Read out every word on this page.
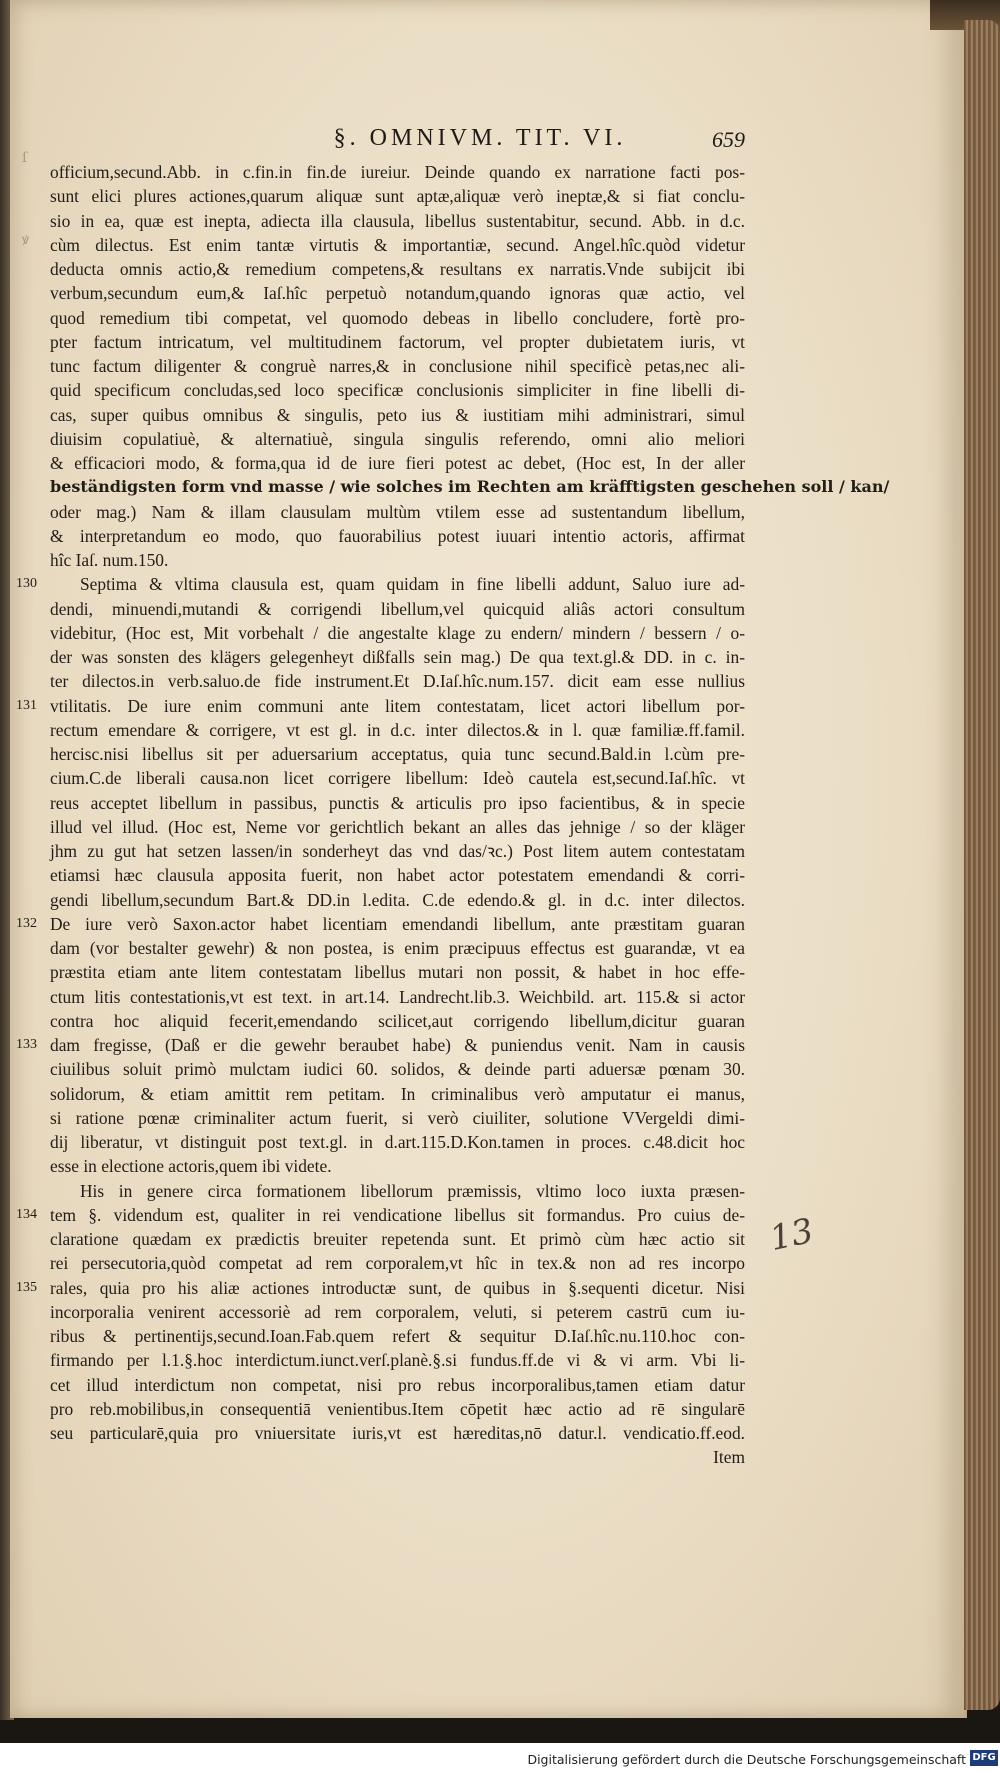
§. OMNIVM. TIT. VI.	659
ſ
ꝟ
officium,secund.Abb. in c.fin.in fin.de iureiur. Deinde quando ex narratione facti pos-
sunt elici plures actiones,quarum aliquæ sunt aptæ,aliquæ verò ineptæ,& si fiat conclu-
sio in ea, quæ est inepta, adiecta illa clausula, libellus sustentabitur, secund. Abb. in d.c.
cùm dilectus. Est enim tantæ virtutis & importantiæ, secund. Angel.hîc.quòd videtur
deducta omnis actio,& remedium competens,& resultans ex narratis.Vnde subijcit ibi
verbum,secundum eum,& Iaſ.hîc perpetuò notandum,quando ignoras quæ actio, vel
quod remedium tibi competat, vel quomodo debeas in libello concludere, fortè pro-
pter factum intricatum, vel multitudinem factorum, vel propter dubietatem iuris, vt
tunc factum diligenter & congruè narres,& in conclusione nihil specificè petas,nec ali-
quid specificum concludas,sed loco specificæ conclusionis simpliciter in fine libelli di-
cas, super quibus omnibus & singulis, peto ius & iustitiam mihi administrari, simul
diuisim copulatiuè, & alternatiuè, singula singulis referendo, omni alio meliori
& efficaciori modo, & forma,qua id de iure fieri potest ac debet, (Hoc est, In der aller
beständigsten form vnd masse / wie solches im Rechten am kräfftigsten geschehen soll / kan/
oder mag.) Nam & illam clausulam multùm vtilem esse ad sustentandum libellum,
& interpretandum eo modo, quo fauorabilius potest iuuari intentio actoris, affirmat
hîc Iaſ. num.150.
130 Septima & vltima clausula est, quam quidam in fine libelli addunt, Saluo iure ad-
dendi, minuendi,mutandi & corrigendi libellum,vel quicquid aliâs actori consultum
videbitur, (Hoc est, Mit vorbehalt / die angestalte klage zu endern/ mindern / bessern / o-
der was sonsten des klägers gelegenheyt dißfalls sein mag.) De qua text.gl.& DD. in c. in-
ter dilectos.in verb.saluo.de fide instrument.Et D.Iaſ.hîc.num.157. dicit eam esse nullius
131 vtilitatis. De iure enim communi ante litem contestatam, licet actori libellum por-
rectum emendare & corrigere, vt est gl. in d.c. inter dilectos.& in l. quæ familiæ.ff.famil.
hercisc.nisi libellus sit per aduersarium acceptatus, quia tunc secund.Bald.in l.cùm pre-
cium.C.de liberali causa.non licet corrigere libellum: Ideò cautela est,secund.Iaſ.hîc. vt
reus acceptet libellum in passibus, punctis & articulis pro ipso facientibus, & in specie
illud vel illud. (Hoc est, Neme vor gerichtlich bekant an alles das jehnige / so der kläger
jhm zu gut hat setzen lassen/in sonderheyt das vnd das/ꝛc.) Post litem autem contestatam
etiamsi hæc clausula apposita fuerit, non habet actor potestatem emendandi & corri-
gendi libellum,secundum Bart.& DD.in l.edita. C.de edendo.& gl. in d.c. inter dilectos.
132 De iure verò Saxon.actor habet licentiam emendandi libellum, ante præstitam guaran
dam (vor bestalter gewehr) & non postea, is enim præcipuus effectus est guarandæ, vt ea
præstita etiam ante litem contestatam libellus mutari non possit, & habet in hoc effe-
ctum litis contestationis,vt est text. in art.14. Landrecht.lib.3. Weichbild. art. 115.& si actor
contra hoc aliquid fecerit,emendando scilicet,aut corrigendo libellum,dicitur guaran
133 dam fregisse, (Daß er die gewehr beraubet habe) & puniendus venit. Nam in causis
ciuilibus soluit primò mulctam iudici 60. solidos, & deinde parti aduersæ pœnam 30.
solidorum, & etiam amittit rem petitam. In criminalibus verò amputatur ei manus,
si ratione pœnæ criminaliter actum fuerit, si verò ciuiliter, solutione VVergeldi dimi-
dij liberatur, vt distinguit post text.gl. in d.art.115.D.Kon.tamen in proces. c.48.dicit hoc
esse in electione actoris,quem ibi videte.
His in genere circa formationem libellorum præmissis, vltimo loco iuxta præsen-
134 tem §. videndum est, qualiter in rei vendicatione libellus sit formandus. Pro cuius de-
claratione quædam ex prædictis breuiter repetenda sunt. Et primò cùm hæc actio sit
rei persecutoria,quòd competat ad rem corporalem,vt hîc in tex.& non ad res incorpo
135 rales, quia pro his aliæ actiones introductæ sunt, de quibus in §.sequenti dicetur. Nisi
incorporalia venirent accessoriè ad rem corporalem, veluti, si peterem castrū cum iu-
ribus & pertinentijs,secund.Ioan.Fab.quem refert & sequitur D.Iaſ.hîc.nu.110.hoc con-
firmando per l.1.§.hoc interdictum.iunct.verſ.planè.§.si fundus.ff.de vi & vi arm. Vbi li-
cet illud interdictum non competat, nisi pro rebus incorporalibus,tamen etiam datur
pro reb.mobilibus,in consequentiā venientibus.Item cōpetit hæc actio ad rē singularē
seu particularē,quia pro vniuersitate iuris,vt est hæreditas,nō datur.l. vendicatio.ff.eod.
Item
13
Digitalisierung gefördert durch die Deutsche Forschungsgemeinschaft DFG
